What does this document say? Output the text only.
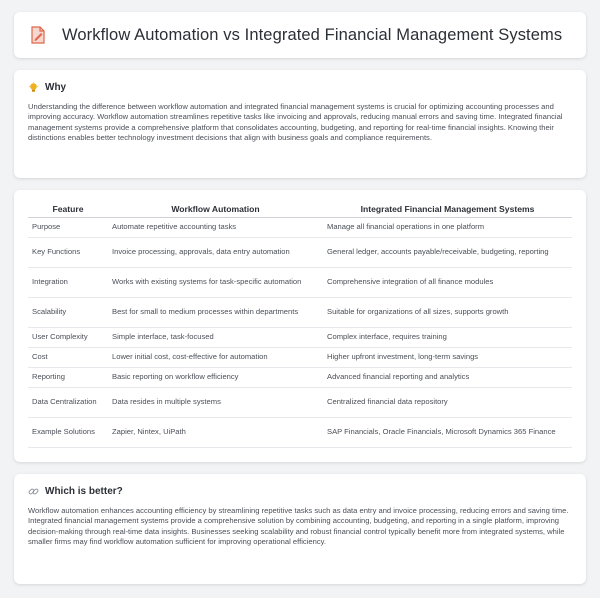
Workflow Automation vs Integrated Financial Management Systems
Why

Understanding the difference between workflow automation and integrated financial management systems is crucial for optimizing accounting processes and improving accuracy. Workflow automation streamlines repetitive tasks like invoicing and approvals, reducing manual errors and saving time. Integrated financial management systems provide a comprehensive platform that consolidates accounting, budgeting, and reporting for real-time financial insights. Knowing their distinctions enables better technology investment decisions that align with business goals and compliance requirements.

Feature	Workflow Automation	Integrated Financial Management Systems
Purpose	Automate repetitive accounting tasks	Manage all financial operations in one platform
Key Functions	Invoice processing, approvals, data entry automation	General ledger, accounts payable/receivable, budgeting, reporting
Integration	Works with existing systems for task-specific automation	Comprehensive integration of all finance modules
Scalability	Best for small to medium processes within departments	Suitable for organizations of all sizes, supports growth
User Complexity	Simple interface, task-focused	Complex interface, requires training
Cost	Lower initial cost, cost-effective for automation	Higher upfront investment, long-term savings
Reporting	Basic reporting on workflow efficiency	Advanced financial reporting and analytics
Data Centralization	Data resides in multiple systems	Centralized financial data repository
Example Solutions	Zapier, Nintex, UiPath	SAP Financials, Oracle Financials, Microsoft Dynamics 365 Finance
Which is better?

Workflow automation enhances accounting efficiency by streamlining repetitive tasks such as data entry and invoice processing, reducing errors and saving time. Integrated financial management systems provide a comprehensive solution by combining accounting, budgeting, and reporting in a single platform, improving decision-making through real-time data insights. Businesses seeking scalability and robust financial control typically benefit more from integrated systems, while smaller firms may find workflow automation sufficient for improving operational efficiency.
